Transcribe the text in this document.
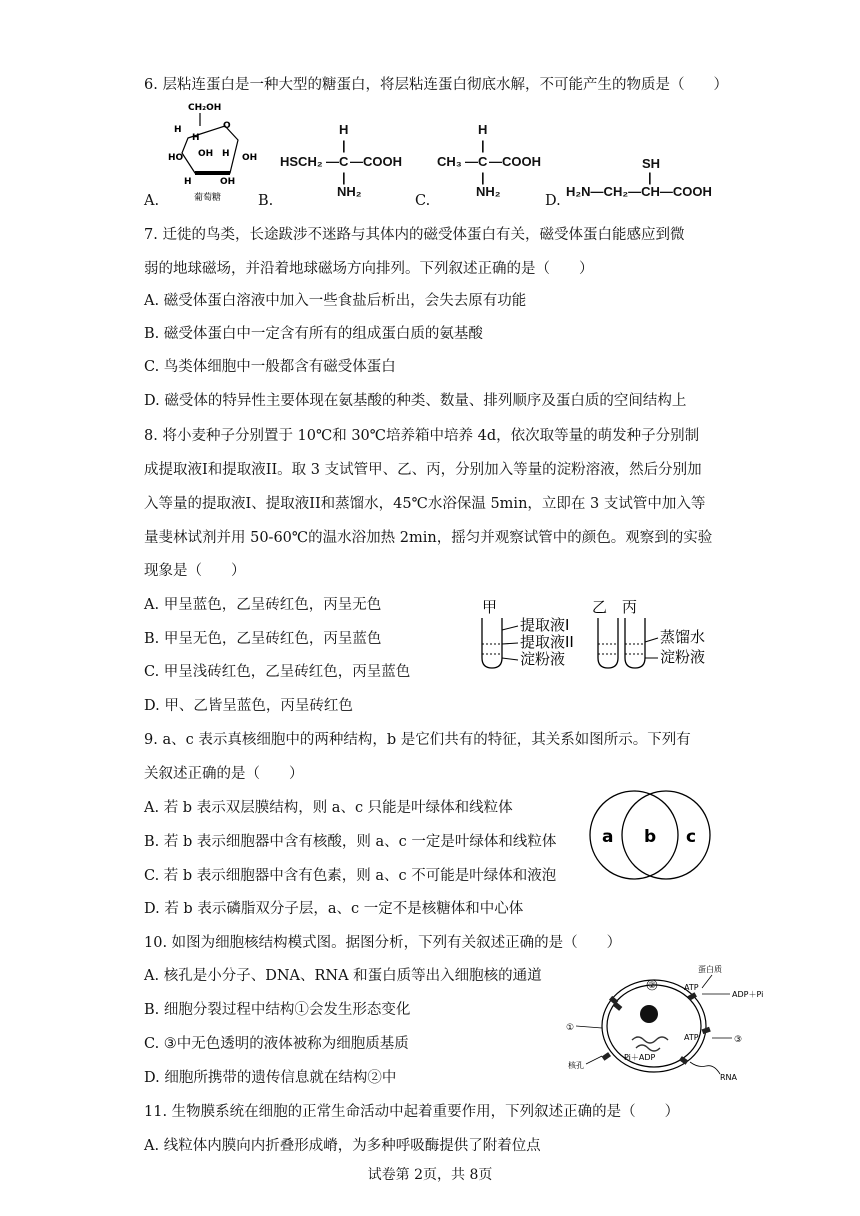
6. 层粘连蛋白是一种大型的糖蛋白，将层粘连蛋白彻底水解，不可能产生的物质是（　　）
CH₂OH
O
H
H
HO OH H OH
H	OH
葡萄糖
A.	B.	C.	D.
H
|
HSCH₂ — C — COOH
|
NH₂
H
|
CH₃ — C — COOH
|
NH₂
SH
|
H₂N—CH₂—CH—COOH
7. 迁徙的鸟类，长途跋涉不迷路与其体内的磁受体蛋白有关，磁受体蛋白能感应到微
弱的地球磁场，并沿着地球磁场方向排列。下列叙述正确的是（　　）
A. 磁受体蛋白溶液中加入一些食盐后析出，会失去原有功能
B. 磁受体蛋白中一定含有所有的组成蛋白质的氨基酸
C. 鸟类体细胞中一般都含有磁受体蛋白
D. 磁受体的特异性主要体现在氨基酸的种类、数量、排列顺序及蛋白质的空间结构上
8. 将小麦种子分别置于 10℃和 30℃培养箱中培养 4d，依次取等量的萌发种子分别制
成提取液I和提取液II。取 3 支试管甲、乙、丙，分别加入等量的淀粉溶液，然后分别加
入等量的提取液I、提取液II和蒸馏水，45℃水浴保温 5min，立即在 3 支试管中加入等
量斐林试剂并用 50-60℃的温水浴加热 2min，摇匀并观察试管中的颜色。观察到的实验
现象是（　　）
A. 甲呈蓝色，乙呈砖红色，丙呈无色
B. 甲呈无色，乙呈砖红色，丙呈蓝色
C. 甲呈浅砖红色，乙呈砖红色，丙呈蓝色
D. 甲、乙皆呈蓝色，丙呈砖红色
甲	乙 丙
提取液I
提取液II
淀粉液
蒸馏水
淀粉液
9. a、c 表示真核细胞中的两种结构，b 是它们共有的特征，其关系如图所示。下列有
关叙述正确的是（　　）
A. 若 b 表示双层膜结构，则 a、c 只能是叶绿体和线粒体
B. 若 b 表示细胞器中含有核酸，则 a、c 一定是叶绿体和线粒体
C. 若 b 表示细胞器中含有色素，则 a、c 不可能是叶绿体和液泡
D. 若 b 表示磷脂双分子层，a、c 一定不是核糖体和中心体
a b c
10. 如图为细胞核结构模式图。据图分析，下列有关叙述正确的是（　　）
A. 核孔是小分子、DNA、RNA 和蛋白质等出入细胞核的通道
B. 细胞分裂过程中结构①会发生形态变化
C. ③中无色透明的液体被称为细胞质基质
D. 细胞所携带的遗传信息就在结构②中
蛋白质
②	ATP
ADP＋Pi
①
ATP
Pi＋ADP
③
核孔
RNA
11. 生物膜系统在细胞的正常生命活动中起着重要作用，下列叙述正确的是（　　）
A. 线粒体内膜向内折叠形成嵴，为多种呼吸酶提供了附着位点
试卷第 2页，共 8页
